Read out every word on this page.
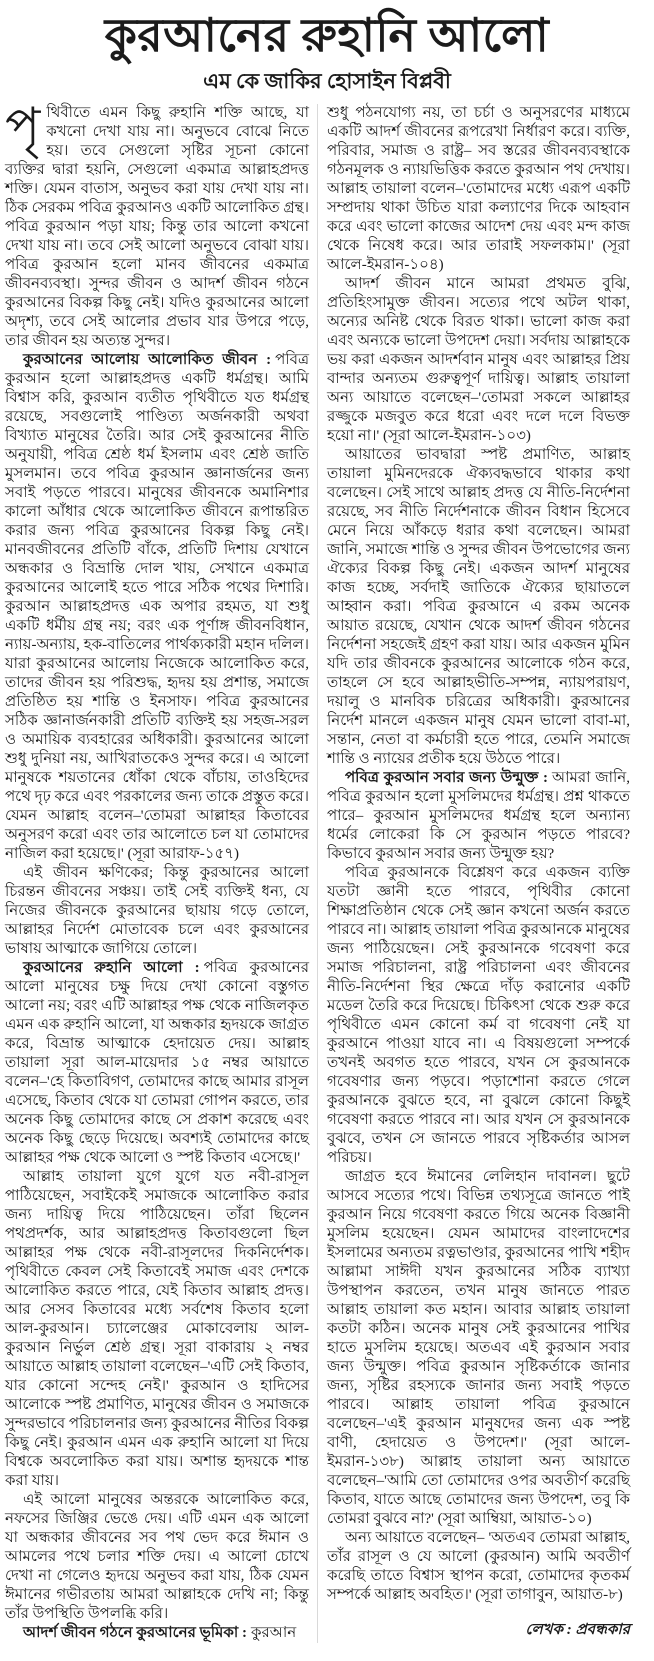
কুরআনের রুহানি আলো
এম কে জাকির হোসাইন বিপ্লবী

পৃথিবীতে এমন কিছু রুহানি শক্তি আছে, যা কখনো দেখা যায় না। অনুভবে বোঝে নিতে হয়। তবে সেগুলো সৃষ্টির সূচনা কোনো ব্যক্তির দ্বারা হয়নি, সেগুলো একমাত্র আল্লাহপ্রদত্ত শক্তি। যেমন বাতাস, অনুভব করা যায় দেখা যায় না। ঠিক সেরকম পবিত্র কুরআনও একটি আলোকিত গ্রন্থ। পবিত্র কুরআন পড়া যায়; কিন্তু তার আলো কখনো দেখা যায় না। তবে সেই আলো অনুভবে বোঝা যায়। পবিত্র কুরআন হলো মানব জীবনের একমাত্র জীবনব্যবস্থা। সুন্দর জীবন ও আদর্শ জীবন গঠনে কুরআনের বিকল্প কিছু নেই। যদিও কুরআনের আলো অদৃশ্য, তবে সেই আলোর প্রভাব যার উপরে পড়ে, তার জীবন হয় অত্যন্ত সুন্দর।

কুরআনের আলোয় আলোকিত জীবন : পবিত্র কুরআন হলো আল্লাহপ্রদত্ত একটি ধর্মগ্রন্থ। আমি বিশ্বাস করি, কুরআন ব্যতীত পৃথিবীতে যত ধর্মগ্রন্থ রয়েছে, সবগুলোই পাণ্ডিত্য অর্জনকারী অথবা বিখ্যাত মানুষের তৈরি। আর সেই কুরআনের নীতি অনুযায়ী, পবিত্র শ্রেষ্ঠ ধর্ম ইসলাম এবং শ্রেষ্ঠ জাতি মুসলমান। তবে পবিত্র কুরআন জ্ঞানার্জনের জন্য সবাই পড়তে পারবে। মানুষের জীবনকে অমানিশার কালো আঁধার থেকে আলোকিত জীবনে রূপান্তরিত করার জন্য পবিত্র কুরআনের বিকল্প কিছু নেই। মানবজীবনের প্রতিটি বাঁকে, প্রতিটি দিশায় যেখানে অন্ধকার ও বিভ্রান্তি দোল খায়, সেখানে একমাত্র কুরআনের আলোই হতে পারে সঠিক পথের দিশারি। কুরআন আল্লাহপ্রদত্ত এক অপার রহমত, যা শুধু একটি ধর্মীয় গ্রন্থ নয়; বরং এক পূর্ণাঙ্গ জীবনবিধান, ন্যায়-অন্যায়, হক-বাতিলের পার্থক্যকারী মহান দলিল। যারা কুরআনের আলোয় নিজেকে আলোকিত করে, তাদের জীবন হয় পরিশুদ্ধ, হৃদয় হয় প্রশান্ত, সমাজে প্রতিষ্ঠিত হয় শান্তি ও ইনসাফ। পবিত্র কুরআনের সঠিক জ্ঞানার্জনকারী প্রতিটি ব্যক্তিই হয় সহজ-সরল ও অমায়িক ব্যবহারের অধিকারী। কুরআনের আলো শুধু দুনিয়া নয়, আখিরাতকেও সুন্দর করে। এ আলো মানুষকে শয়তানের ধোঁকা থেকে বাঁচায়, তাওহিদের পথে দৃঢ় করে এবং পরকালের জন্য তাকে প্রস্তুত করে। যেমন আল্লাহ বলেন–'তোমরা আল্লাহর কিতাবের অনুসরণ করো এবং তার আলোতে চল যা তোমাদের নাজিল করা হয়েছে।' (সূরা আরাফ-১৫৭)

এই জীবন ক্ষণিকের; কিন্তু কুরআনের আলো চিরন্তন জীবনের সঞ্চয়। তাই সেই ব্যক্তিই ধন্য, যে নিজের জীবনকে কুরআনের ছায়ায় গড়ে তোলে, আল্লাহর নির্দেশ মোতাবেক চলে এবং কুরআনের ভাষায় আত্মাকে জাগিয়ে তোলে।

কুরআনের রুহানি আলো : পবিত্র কুরআনের আলো মানুষের চক্ষু দিয়ে দেখা কোনো বস্তুগত আলো নয়; বরং এটি আল্লাহর পক্ষ থেকে নাজিলকৃত এমন এক রুহানি আলো, যা অন্ধকার হৃদয়কে জাগ্রত করে, বিভ্রান্ত আত্মাকে হেদায়েত দেয়। আল্লাহ তায়ালা সূরা আল-মায়েদার ১৫ নম্বর আয়াতে বলেন–'হে কিতাবিগণ, তোমাদের কাছে আমার রাসূল এসেছে, কিতাব থেকে যা তোমরা গোপন করতে, তার অনেক কিছু তোমাদের কাছে সে প্রকাশ করেছে এবং অনেক কিছু ছেড়ে দিয়েছে। অবশ্যই তোমাদের কাছে আল্লাহর পক্ষ থেকে আলো ও স্পষ্ট কিতাব এসেছে।'

আল্লাহ তায়ালা যুগে যুগে যত নবী-রাসূল পাঠিয়েছেন, সবাইকেই সমাজকে আলোকিত করার জন্য দায়িত্ব দিয়ে পাঠিয়েছেন। তাঁরা ছিলেন পথপ্রদর্শক, আর আল্লাহপ্রদত্ত কিতাবগুলো ছিল আল্লাহর পক্ষ থেকে নবী-রাসূলদের দিকনির্দেশক। পৃথিবীতে কেবল সেই কিতাবেই সমাজ এবং দেশকে আলোকিত করতে পারে, যেই কিতাব আল্লাহ প্রদত্ত। আর সেসব কিতাবের মধ্যে সর্বশেষ কিতাব হলো আল-কুরআন। চ্যালেঞ্জের মোকাবেলায় আল-কুরআন নির্ভুল শ্রেষ্ঠ গ্রন্থ। সূরা বাকারায় ২ নম্বর আয়াতে আল্লাহ তায়ালা বলেছেন–'এটি সেই কিতাব, যার কোনো সন্দেহ নেই।' কুরআন ও হাদিসের আলোকে স্পষ্ট প্রমাণিত, মানুষের জীবন ও সমাজকে সুন্দরভাবে পরিচালনার জন্য কুরআনের নীতির বিকল্প কিছু নেই। কুরআন এমন এক রুহানি আলো যা দিয়ে বিশ্বকে অবলোকিত করা যায়। অশান্ত হৃদয়কে শান্ত করা যায়।

এই আলো মানুষের অন্তরকে আলোকিত করে, নফসের জিঞ্জির ভেঙে দেয়। এটি এমন এক আলো যা অন্ধকার জীবনের সব পথ ভেদ করে ঈমান ও আমলের পথে চলার শক্তি দেয়। এ আলো চোখে দেখা না গেলেও হৃদয়ে অনুভব করা যায়, ঠিক যেমন ঈমানের গভীরতায় আমরা আল্লাহকে দেখি না; কিন্তু তাঁর উপস্থিতি উপলব্ধি করি।

আদর্শ জীবন গঠনে কুরআনের ভূমিকা : কুরআন

শুধু পঠনযোগ্য নয়, তা চর্চা ও অনুসরণের মাধ্যমে একটি আদর্শ জীবনের রূপরেখা নির্ধারণ করে। ব্যক্তি, পরিবার, সমাজ ও রাষ্ট্র– সব স্তরের জীবনব্যবস্থাকে গঠনমূলক ও ন্যায়ভিত্তিক করতে কুরআন পথ দেখায়। আল্লাহ তায়ালা বলেন–'তোমাদের মধ্যে এরূপ একটি সম্প্রদায় থাকা উচিত যারা কল্যাণের দিকে আহবান করে এবং ভালো কাজের আদেশ দেয় এবং মন্দ কাজ থেকে নিষেধ করে। আর তারাই সফলকাম।' (সূরা আলে-ইমরান-১০৪)

আদর্শ জীবন মানে আমরা প্রথমত বুঝি, প্রতিহিংসামুক্ত জীবন। সত্যের পথে অটল থাকা, অন্যের অনিষ্ট থেকে বিরত থাকা। ভালো কাজ করা এবং অন্যকে ভালো উপদেশ দেয়া। সর্বদায় আল্লাহকে ভয় করা একজন আদর্শবান মানুষ এবং আল্লাহর প্রিয় বান্দার অন্যতম গুরুত্বপূর্ণ দায়িত্ব। আল্লাহ তায়ালা অন্য আয়াতে বলেছেন–'তোমরা সকলে আল্লাহর রজ্জুকে মজবুত করে ধরো এবং দলে দলে বিভক্ত হয়ো না।' (সূরা আলে-ইমরান-১০৩)

আয়াতের ভাবদ্বারা স্পষ্ট প্রমাণিত, আল্লাহ তায়ালা মুমিনদেরকে ঐক্যবদ্ধভাবে থাকার কথা বলেছেন। সেই সাথে আল্লাহ প্রদত্ত যে নীতি-নির্দেশনা রয়েছে, সব নীতি নির্দেশনাকে জীবন বিধান হিসেবে মেনে নিয়ে আঁকড়ে ধরার কথা বলেছেন। আমরা জানি, সমাজে শান্তি ও সুন্দর জীবন উপভোগের জন্য ঐক্যের বিকল্প কিছু নেই। একজন আদর্শ মানুষের কাজ হচ্ছে, সর্বদাই জাতিকে ঐক্যের ছায়াতলে আহ্বান করা। পবিত্র কুরআনে এ রকম অনেক আয়াত রয়েছে, যেখান থেকে আদর্শ জীবন গঠনের নির্দেশনা সহজেই গ্রহণ করা যায়। আর একজন মুমিন যদি তার জীবনকে কুরআনের আলোকে গঠন করে, তাহলে সে হবে আল্লাহভীতি-সম্পন্ন, ন্যায়পরায়ণ, দয়ালু ও মানবিক চরিত্রের অধিকারী। কুরআনের নির্দেশ মানলে একজন মানুষ যেমন ভালো বাবা-মা, সন্তান, নেতা বা কর্মচারী হতে পারে, তেমনি সমাজে শান্তি ও ন্যায়ের প্রতীক হয়ে উঠতে পারে।

পবিত্র কুরআন সবার জন্য উন্মুক্ত : আমরা জানি, পবিত্র কুরআন হলো মুসলিমদের ধর্মগ্রন্থ। প্রশ্ন থাকতে পারে– কুরআন মুসলিমদের ধর্মগ্রন্থ হলে অন্যান্য ধর্মের লোকেরা কি সে কুরআন পড়তে পারবে? কিভাবে কুরআন সবার জন্য উন্মুক্ত হয়?

পবিত্র কুরআনকে বিশ্লেষণ করে একজন ব্যক্তি যতটা জ্ঞানী হতে পারবে, পৃথিবীর কোনো শিক্ষাপ্রতিষ্ঠান থেকে সেই জ্ঞান কখনো অর্জন করতে পারবে না। আল্লাহ তায়ালা পবিত্র কুরআনকে মানুষের জন্য পাঠিয়েছেন। সেই কুরআনকে গবেষণা করে সমাজ পরিচালনা, রাষ্ট্র পরিচালনা এবং জীবনের নীতি-নির্দেশনা স্থির ক্ষেত্রে দাঁড় করানোর একটি মডেল তৈরি করে দিয়েছে। চিকিৎসা থেকে শুরু করে পৃথিবীতে এমন কোনো কর্ম বা গবেষণা নেই যা কুরআনে পাওয়া যাবে না। এ বিষয়গুলো সম্পর্কে তখনই অবগত হতে পারবে, যখন সে কুরআনকে গবেষণার জন্য পড়বে। পড়াশোনা করতে গেলে কুরআনকে বুঝতে হবে, না বুঝলে কোনো কিছুই গবেষণা করতে পারবে না। আর যখন সে কুরআনকে বুঝবে, তখন সে জানতে পারবে সৃষ্টিকর্তার আসল পরিচয়।

জাগ্রত হবে ঈমানের লেলিহান দাবানল। ছুটে আসবে সত্যের পথে। বিভিন্ন তথ্যসূত্রে জানতে পাই কুরআন নিয়ে গবেষণা করতে গিয়ে অনেক বিজ্ঞানী মুসলিম হয়েছেন। যেমন আমাদের বাংলাদেশের ইসলামের অন্যতম রত্নভাণ্ডার, কুরআনের পাখি শহীদ আল্লামা সাঈদী যখন কুরআনের সঠিক ব্যাখ্যা উপস্থাপন করতেন, তখন মানুষ জানতে পারত আল্লাহ তায়ালা কত মহান। আবার আল্লাহ তায়ালা কতটা কঠিন। অনেক মানুষ সেই কুরআনের পাখির হাতে মুসলিম হয়েছে। অতএব এই কুরআন সবার জন্য উন্মুক্ত। পবিত্র কুরআন সৃষ্টিকর্তাকে জানার জন্য, সৃষ্টির রহস্যকে জানার জন্য সবাই পড়তে পারবে। আল্লাহ তায়ালা পবিত্র কুরআনে বলেছেন–'এই কুরআন মানুষদের জন্য এক স্পষ্ট বাণী, হেদায়েত ও উপদেশ।' (সূরা আলে-ইমরান-১৩৮) আল্লাহ তায়ালা অন্য আয়াতে বলেছেন–'আমি তো তোমাদের ওপর অবতীর্ণ করেছি কিতাব, যাতে আছে তোমাদের জন্য উপদেশ, তবু কি তোমরা বুঝবে না?' (সূরা আম্বিয়া, আয়াত-১০)

অন্য আয়াতে বলেছেন– 'অতএব তোমরা আল্লাহ, তাঁর রাসূল ও যে আলো (কুরআন) আমি অবতীর্ণ করেছি তাতে বিশ্বাস স্থাপন করো, তোমাদের কৃতকর্ম সম্পর্কে আল্লাহ অবহিত।' (সূরা তাগাবুন, আয়াত-৮)

লেখক : প্রবন্ধকার
